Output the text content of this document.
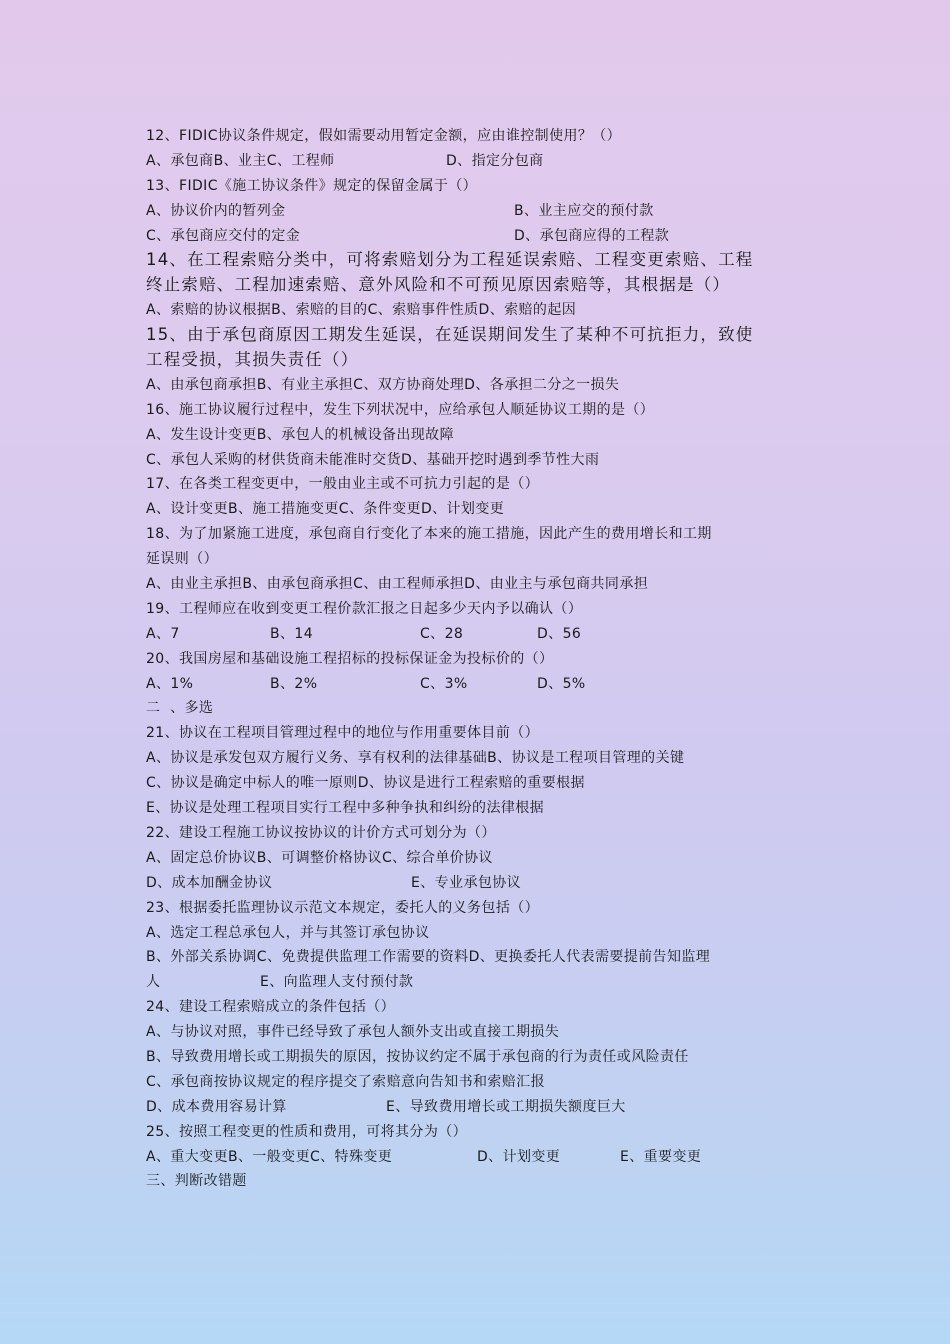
12、FIDIC协议条件规定，假如需要动用暂定金额，应由谁控制使用？（）
A、承包商B、业主C、工程师	D、指定分包商
13、FIDIC《施工协议条件》规定的保留金属于（）
A、协议价内的暂列金	B、业主应交的预付款
C、承包商应交付的定金	D、承包商应得的工程款
14、在工程索赔分类中，可将索赔划分为工程延误索赔、工程变更索赔、工程
终止索赔、工程加速索赔、意外风险和不可预见原因索赔等，其根据是（）
A、索赔的协议根据B、索赔的目的C、索赔事件性质D、索赔的起因
15、由于承包商原因工期发生延误，在延误期间发生了某种不可抗拒力，致使
工程受损，其损失责任（）
A、由承包商承担B、有业主承担C、双方协商处理D、各承担二分之一损失
16、施工协议履行过程中，发生下列状况中，应给承包人顺延协议工期的是（）
A、发生设计变更B、承包人的机械设备出现故障
C、承包人采购的材供货商未能准时交货D、基础开挖时遇到季节性大雨
17、在各类工程变更中，一般由业主或不可抗力引起的是（）
A、设计变更B、施工措施变更C、条件变更D、计划变更
18、为了加紧施工进度，承包商自行变化了本来的施工措施，因此产生的费用增长和工期
延误则（）
A、由业主承担B、由承包商承担C、由工程师承担D、由业主与承包商共同承担
19、工程师应在收到变更工程价款汇报之日起多少天内予以确认（）
A、7	B、14	C、28	D、56
20、我国房屋和基础设施工程招标的投标保证金为投标价的（）
A、1%	B、2%	C、3%	D、5%
二  、多选
21、协议在工程项目管理过程中的地位与作用重要体目前（）
A、协议是承发包双方履行义务、享有权利的法律基础B、协议是工程项目管理的关键
C、协议是确定中标人的唯一原则D、协议是进行工程索赔的重要根据
E、协议是处理工程项目实行工程中多种争执和纠纷的法律根据
22、建设工程施工协议按协议的计价方式可划分为（）
A、固定总价协议B、可调整价格协议C、综合单价协议
D、成本加酬金协议	E、专业承包协议
23、根据委托监理协议示范文本规定，委托人的义务包括（）
A、选定工程总承包人，并与其签订承包协议
B、外部关系协调C、免费提供监理工作需要的资料D、更换委托人代表需要提前告知监理
人	E、向监理人支付预付款
24、建设工程索赔成立的条件包括（）
A、与协议对照，事件已经导致了承包人额外支出或直接工期损失
B、导致费用增长或工期损失的原因，按协议约定不属于承包商的行为责任或风险责任
C、承包商按协议规定的程序提交了索赔意向告知书和索赔汇报
D、成本费用容易计算	E、导致费用增长或工期损失额度巨大
25、按照工程变更的性质和费用，可将其分为（）
A、重大变更B、一般变更C、特殊变更	D、计划变更	E、重要变更
三、判断改错题
